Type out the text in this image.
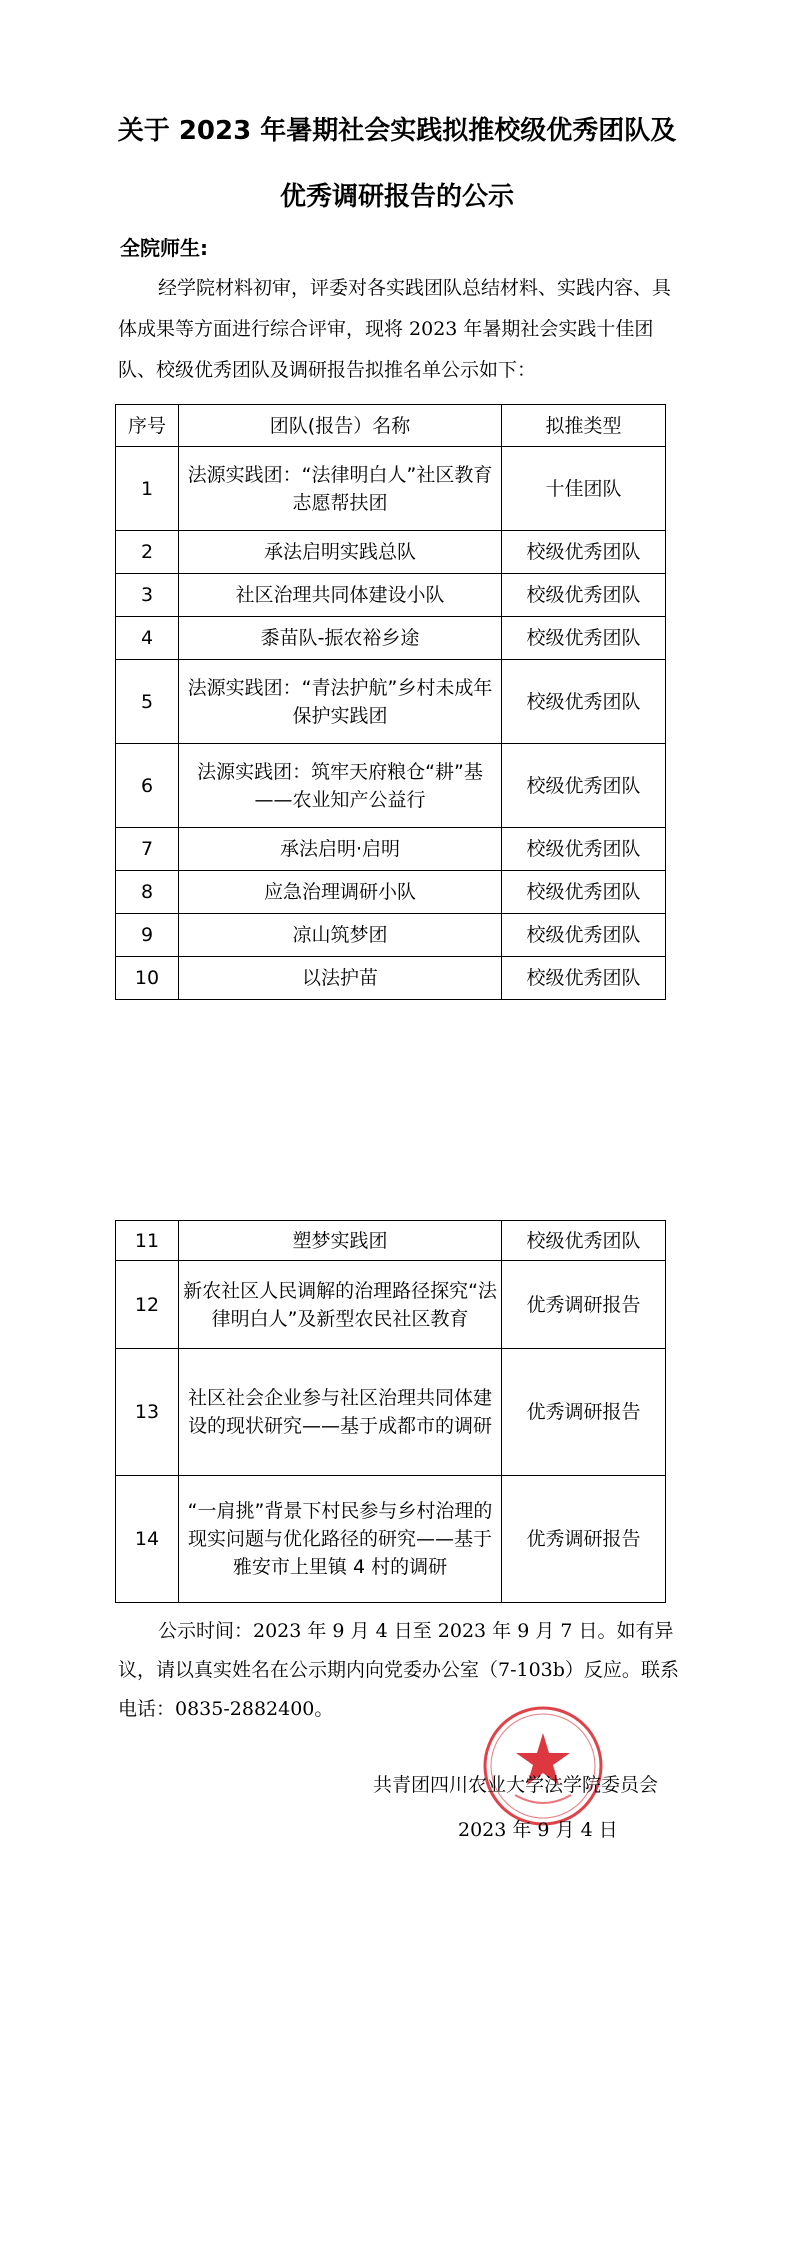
关于 2023 年暑期社会实践拟推校级优秀团队及
优秀调研报告的公示
全院师生:
经学院材料初审，评委对各实践团队总结材料、实践内容、具体成果等方面进行综合评审，现将 2023 年暑期社会实践十佳团队、校级优秀团队及调研报告拟推名单公示如下：
序号	团队(报告）名称	拟推类型
1	法源实践团：“法律明白人”社区教育志愿帮扶团	十佳团队
2	承法启明实践总队	校级优秀团队
3	社区治理共同体建设小队	校级优秀团队
4	黍苗队-振农裕乡途	校级优秀团队
5	法源实践团：“青法护航”乡村未成年保护实践团	校级优秀团队
6	法源实践团：筑牢天府粮仓“耕”基——农业知产公益行	校级优秀团队
7	承法启明·启明	校级优秀团队
8	应急治理调研小队	校级优秀团队
9	凉山筑梦团	校级优秀团队
10	以法护苗	校级优秀团队
11	塑梦实践团	校级优秀团队
12	新农社区人民调解的治理路径探究“法律明白人”及新型农民社区教育	优秀调研报告
13	社区社会企业参与社区治理共同体建设的现状研究——基于成都市的调研	优秀调研报告
14	“一肩挑”背景下村民参与乡村治理的现实问题与优化路径的研究——基于雅安市上里镇 4 村的调研	优秀调研报告
公示时间：2023 年 9 月 4 日至 2023 年 9 月 7 日。如有异议，请以真实姓名在公示期内向党委办公室（7-103b）反应。联系电话：0835-2882400。
共青团四川农业大学法学院委员会
2023 年 9 月 4 日
